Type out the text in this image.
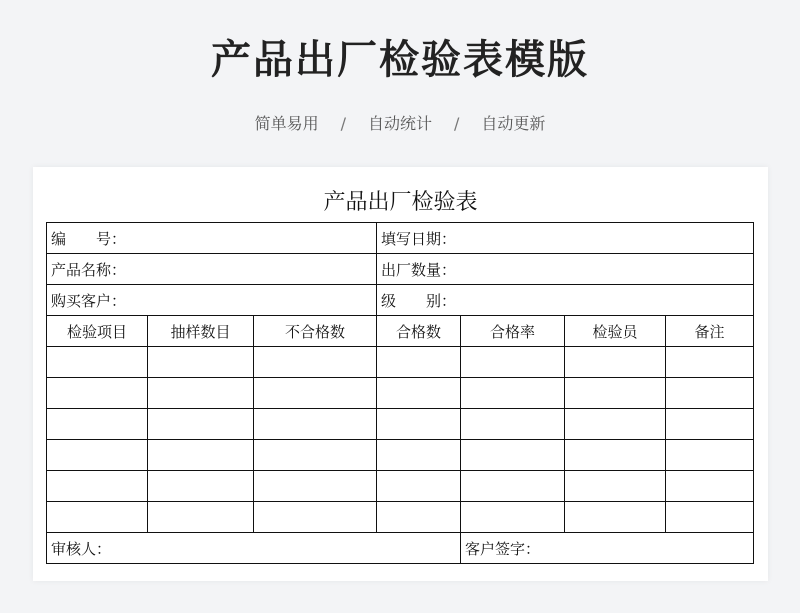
产品出厂检验表模版
简单易用 / 自动统计 / 自动更新
产品出厂检验表
编　　号：			填写日期：			
产品名称：			出厂数量：			
购买客户：			级　　别：			
检验项目	抽样数目	不合格数	合格数	合格率	检验员	备注

审核人：				客户签字：		
